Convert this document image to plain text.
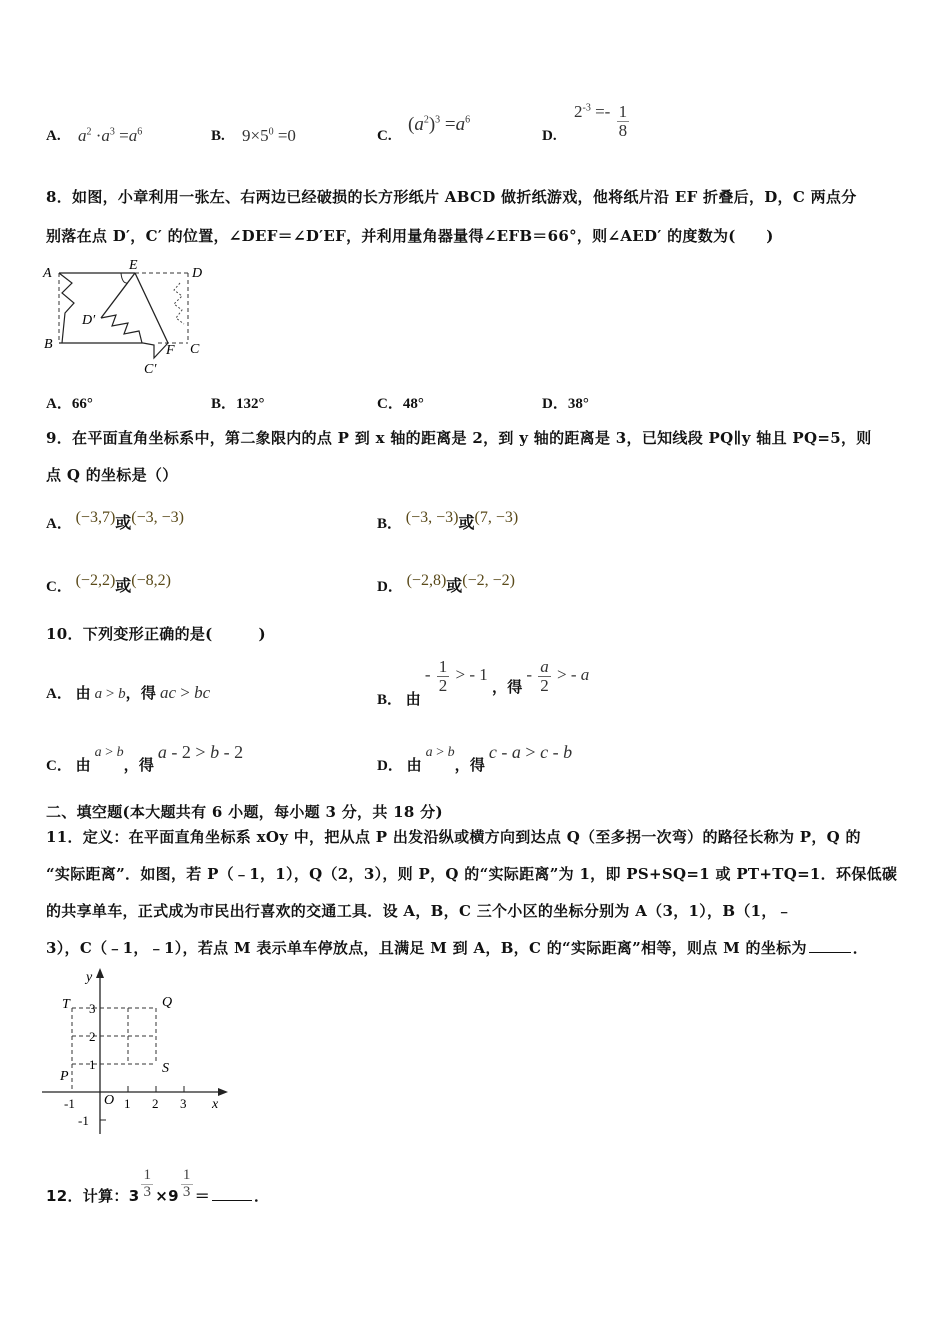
A. $a^2 \cdot a^3 =a^6$	B. $9\times 5^0 =0$	C.
$(a^2)^3 =a^6$
D.
$2^{-3} =- \frac{1}{8}$
8．如图，小章利用一张左、右两边已经破损的长方形纸片 ABCD 做折纸游戏，他将纸片沿 EF 折叠后，D，C 两点分
别落在点 D′，C′ 的位置，∠DEF＝∠D′EF，并利用量角器量得∠EFB＝66°，则∠AED′ 的度数为(　　)
A
E
D
D′
B	F C
C′
A．66°	B．132°	C．48°	D．38°
9．在平面直角坐标系中，第二象限内的点 P 到 x 轴的距离是 2，到 y 轴的距离是 3，已知线段 PQ∥y 轴且 PQ=5，则
点 Q 的坐标是（）
A． (−3,7)或(−3, −3)	B． (−3, −3)或(7, −3)
C． (−2,2)或(−8,2)	D． (−2,8)或(−2, −2)
10．下列变形正确的是(　　　)
A． 由 a > b，得 ac > bc	B． 由 - $\frac{1}{2}$ > - 1 ，得 - $\frac{a}{2}$ > - a
C． 由 a > b，得 a - 2 > b - 2
D． 由 a > b，得 c - a > c - b
二、填空题(本大题共有 6 小题，每小题 3 分，共 18 分)
11．定义：在平面直角坐标系 xOy 中，把从点 P 出发沿纵或横方向到达点 Q（至多拐一次弯）的路径长称为 P，Q 的
“实际距离”．如图，若 P（﹣1，1），Q（2，3），则 P，Q 的“实际距离”为 1，即 PS+SQ=1 或 PT+TQ=1．环保低碳
的共享单车，正式成为市民出行喜欢的交通工具．设 A，B，C 三个小区的坐标分别为 A（3，1），B（1，﹣
3），C（﹣1，﹣1），若点 M 表示单车停放点，且满足 M 到 A，B，C 的“实际距离”相等，则点 M 的坐标为	．
y
x
O
-1	1 2 3
3
2
1
-1
T	Q
P
S
12．计算：$3 \frac{1}{3} \times 9 \frac{1}{3}$ ＝	．
